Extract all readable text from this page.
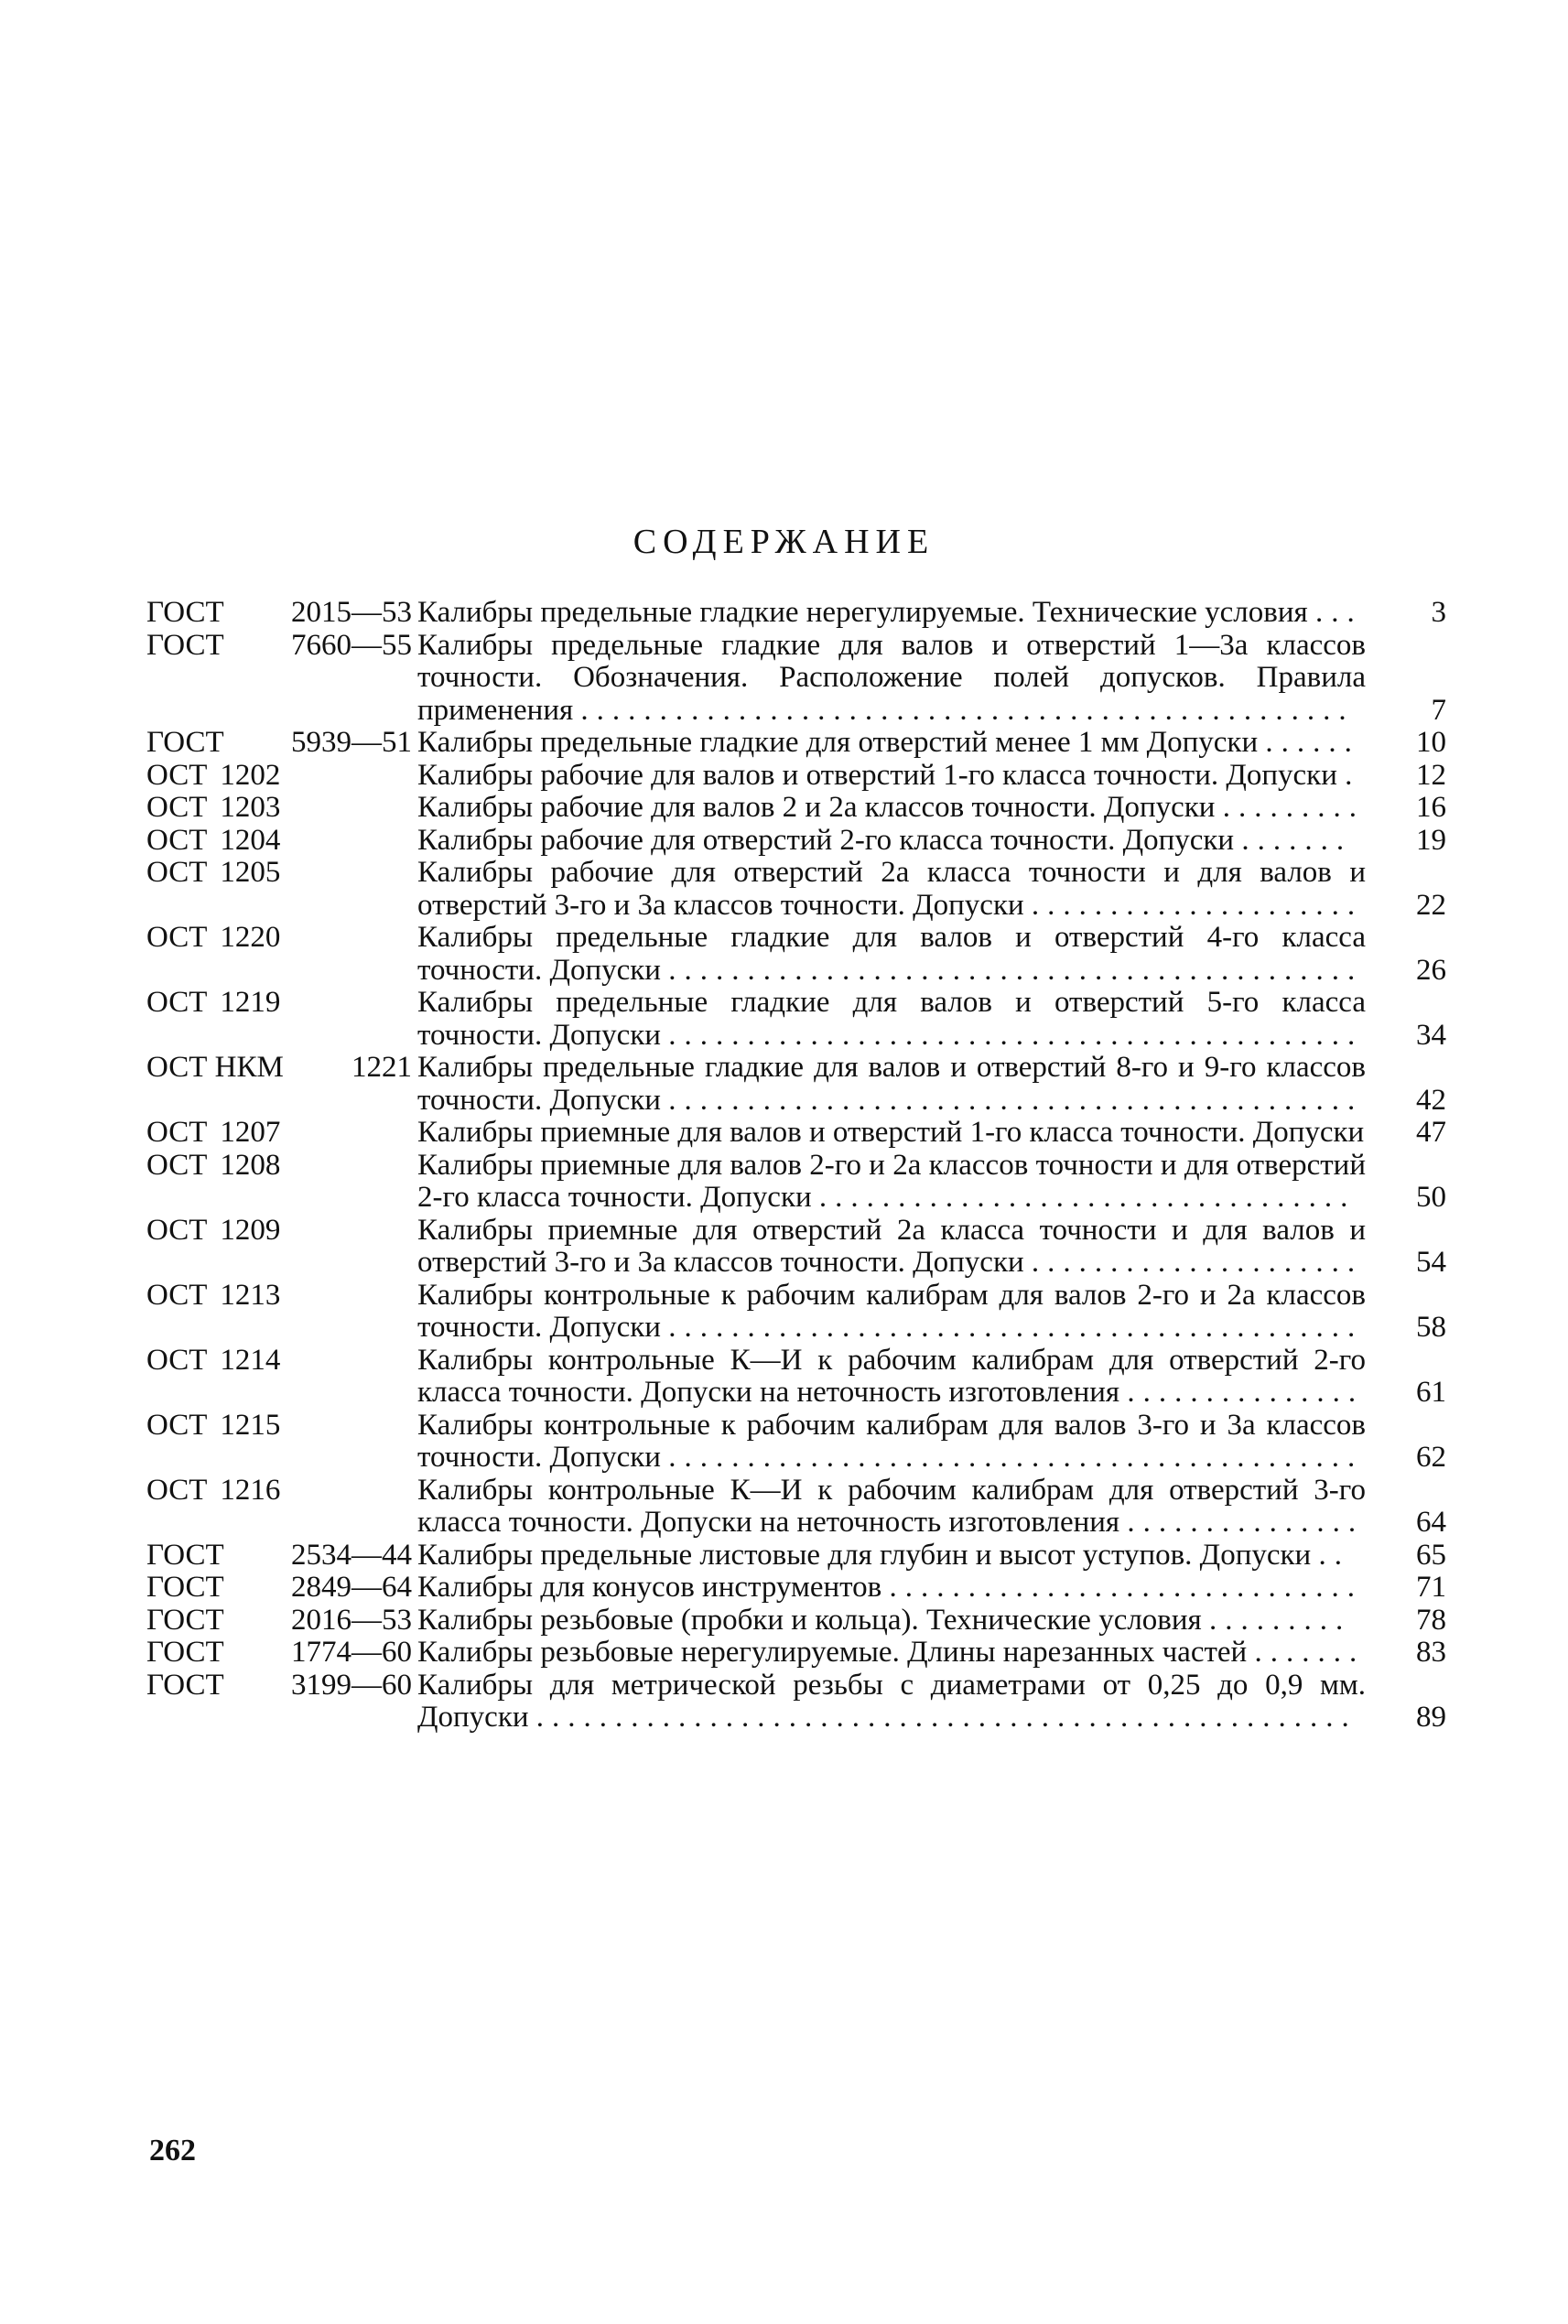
СОДЕРЖАНИЕ
ГОСТ 2015—53 Калибры предельные гладкие нерегулируемые. Технические условия ...	3
ГОСТ 7660—55 Калибры предельные гладкие для валов и отверстий 1—3а классов точности. Обозначения. Расположение полей допусков. Правила применения .................................................	7
ГОСТ 5939—51 Калибры предельные гладкие для отверстий менее 1 мм Допуски ......	10
ОСТ 1202	Калибры рабочие для валов и отверстий 1-го класса точности. Допуски .	12
ОСТ 1203	Калибры рабочие для валов 2 и 2а классов точности. Допуски .........	16
ОСТ 1204	Калибры рабочие для отверстий 2-го класса точности. Допуски .......	19
ОСТ 1205	Калибры рабочие для отверстий 2а класса точности и для валов и отверстий 3-го и 3а классов точности. Допуски .....................	22
ОСТ 1220	Калибры предельные гладкие для валов и отверстий 4-го класса точности. Допуски ............................................	26
ОСТ 1219	Калибры предельные гладкие для валов и отверстий 5-го класса точности. Допуски ............................................	34
ОСТ НКМ 1221 Калибры предельные гладкие для валов и отверстий 8-го и 9-го классов точности. Допуски ............................................	42
ОСТ 1207	Калибры приемные для валов и отверстий 1-го класса точности. Допуски	47
ОСТ 1208	Калибры приемные для валов 2-го и 2а классов точности и для отверстий 2-го класса точности. Допуски ..................................	50
ОСТ 1209	Калибры приемные для отверстий 2а класса точности и для валов и отверстий 3-го и 3а классов точности. Допуски .....................	54
ОСТ 1213	Калибры контрольные к рабочим калибрам для валов 2-го и 2а классов точности. Допуски ............................................	58
ОСТ 1214	Калибры контрольные К—И к рабочим калибрам для отверстий 2-го класса точности. Допуски на неточность изготовления ...............	61
ОСТ 1215	Калибры контрольные к рабочим калибрам для валов 3-го и 3а классов точности. Допуски ............................................	62
ОСТ 1216	Калибры контрольные К—И к рабочим калибрам для отверстий 3-го класса точности. Допуски на неточность изготовления ...............	64
ГОСТ 2534—44 Калибры предельные листовые для глубин и высот уступов. Допуски ..	65
ГОСТ 2849—64 Калибры для конусов инструментов ..............................	71
ГОСТ 2016—53 Калибры резьбовые (пробки и кольца). Технические условия .........	78
ГОСТ 1774—60 Калибры резьбовые нерегулируемые. Длины нарезанных частей .......	83
ГОСТ 3199—60 Калибры для метрической резьбы с диаметрами от 0,25 до 0,9 мм. Допуски ....................................................	89
262
